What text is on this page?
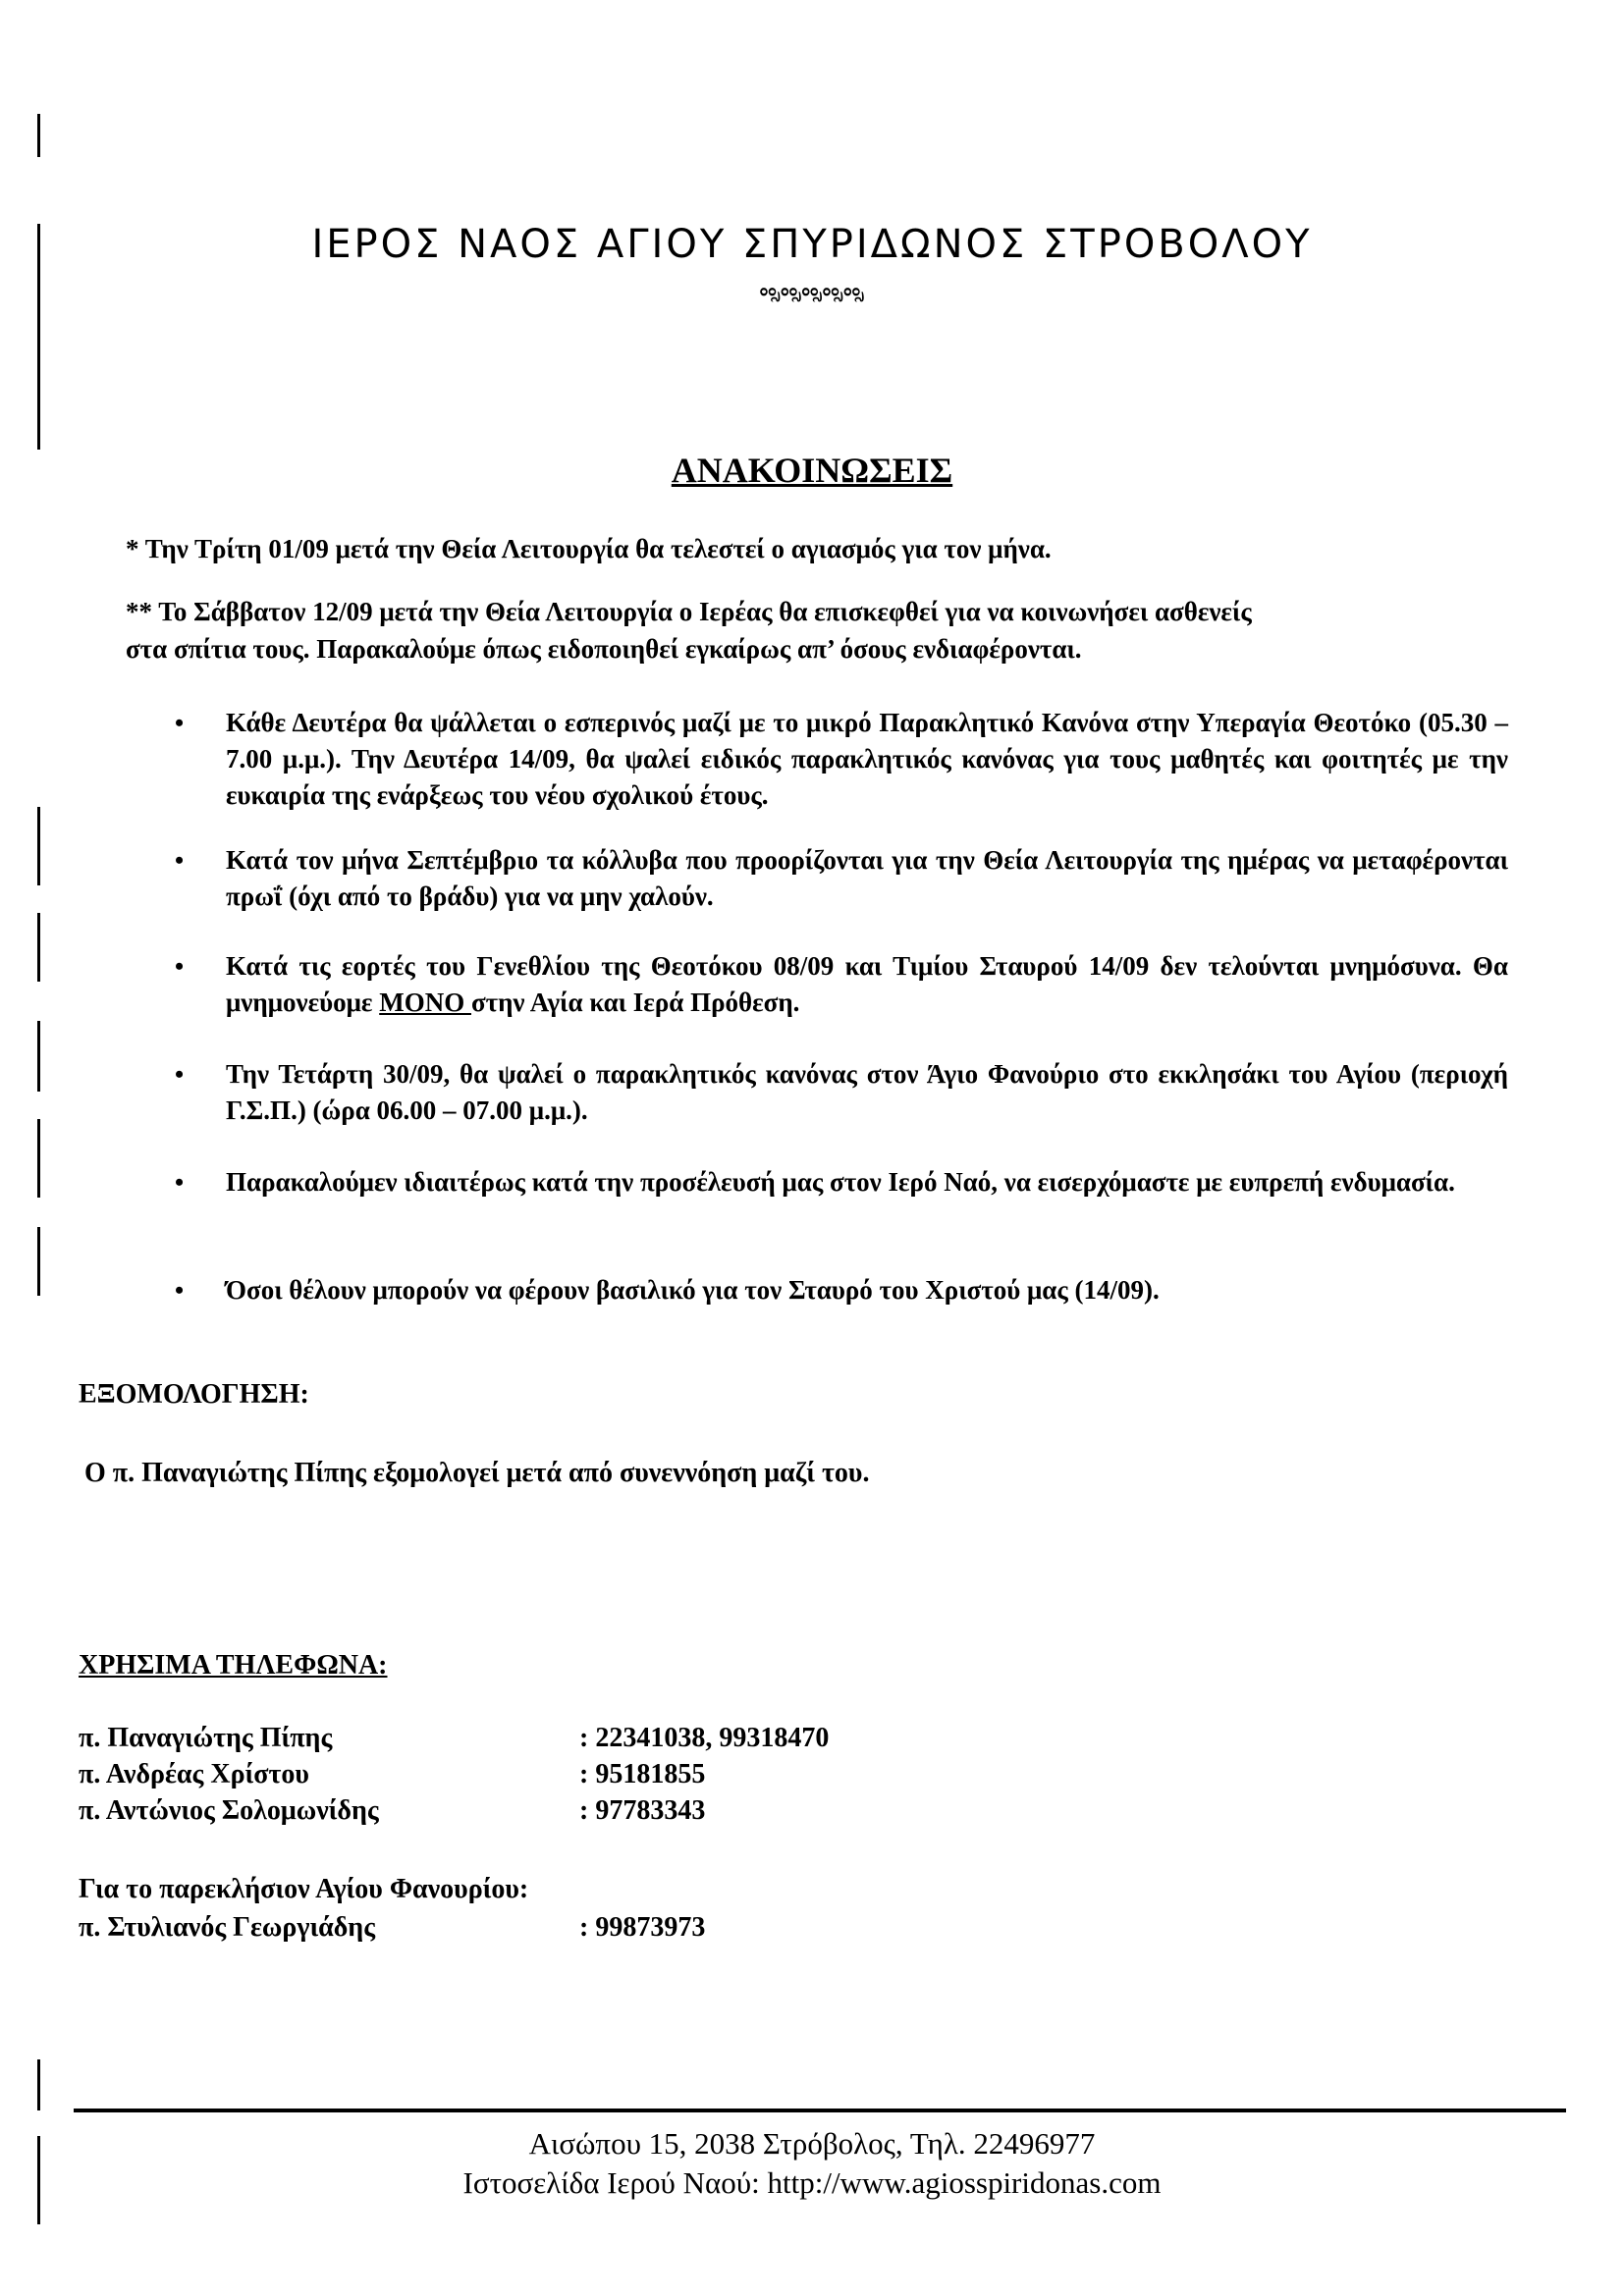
ΙΕΡΟΣ ΝΑΟΣ ΑΓΙΟΥ ΣΠΥΡΙΔΩΝΟΣ ΣΤΡΟΒΟΛΟΥ
ೲಸೲಸೲಸೲಸೲಸ
ΑΝΑΚΟΙΝΩΣΕΙΣ
* Την Τρίτη 01/09 μετά την Θεία Λειτουργία θα τελεστεί ο αγιασμός για τον μήνα.
** Το Σάββατον 12/09 μετά την Θεία Λειτουργία ο Ιερέας θα επισκεφθεί για να κοινωνήσει ασθενείς
στα σπίτια τους. Παρακαλούμε όπως ειδοποιηθεί εγκαίρως απ’ όσους ενδιαφέρονται.
• Κάθε Δευτέρα θα ψάλλεται ο εσπερινός μαζί με το μικρό Παρακλητικό Κανόνα στην Υπεραγία Θεοτόκο (05.30 – 7.00 μ.μ.). Την Δευτέρα 14/09, θα ψαλεί ειδικός παρακλητικός κανόνας για τους μαθητές και φοιτητές με την ευκαιρία της ενάρξεως του νέου σχολικού έτους.
• Κατά τον μήνα Σεπτέμβριο τα κόλλυβα που προορίζονται για την Θεία Λειτουργία της ημέρας να μεταφέρονται πρωΐ (όχι από το βράδυ) για να μην χαλούν.
• Κατά τις εορτές του Γενεθλίου της Θεοτόκου 08/09 και Τιμίου Σταυρού 14/09 δεν τελούνται μνημόσυνα. Θα μνημονεύομε ΜΟΝΟ στην Αγία και Ιερά Πρόθεση.
• Την Τετάρτη 30/09, θα ψαλεί ο παρακλητικός κανόνας στον Άγιο Φανούριο στο εκκλησάκι του Αγίου (περιοχή Γ.Σ.Π.) (ώρα 06.00 – 07.00 μ.μ.).
• Παρακαλούμεν ιδιαιτέρως κατά την προσέλευσή μας στον Ιερό Ναό, να εισερχόμαστε με ευπρεπή ενδυμασία.
• Όσοι θέλουν μπορούν να φέρουν βασιλικό για τον Σταυρό του Χριστού μας (14/09).
ΕΞΟΜΟΛΟΓΗΣΗ:
Ο π. Παναγιώτης Πίπης εξομολογεί μετά από συνεννόηση μαζί του.
ΧΡΗΣΙΜΑ ΤΗΛΕΦΩΝΑ:
π. Παναγιώτης Πίπης	: 22341038, 99318470
π. Ανδρέας Χρίστου	: 95181855
π. Αντώνιος Σολομωνίδης	: 97783343
Για το παρεκλήσιον Αγίου Φανουρίου:
π. Στυλιανός Γεωργιάδης	: 99873973
Αισώπου 15, 2038 Στρόβολος, Τηλ. 22496977
Ιστοσελίδα Ιερού Ναού: http://www.agiosspiridonas.com
